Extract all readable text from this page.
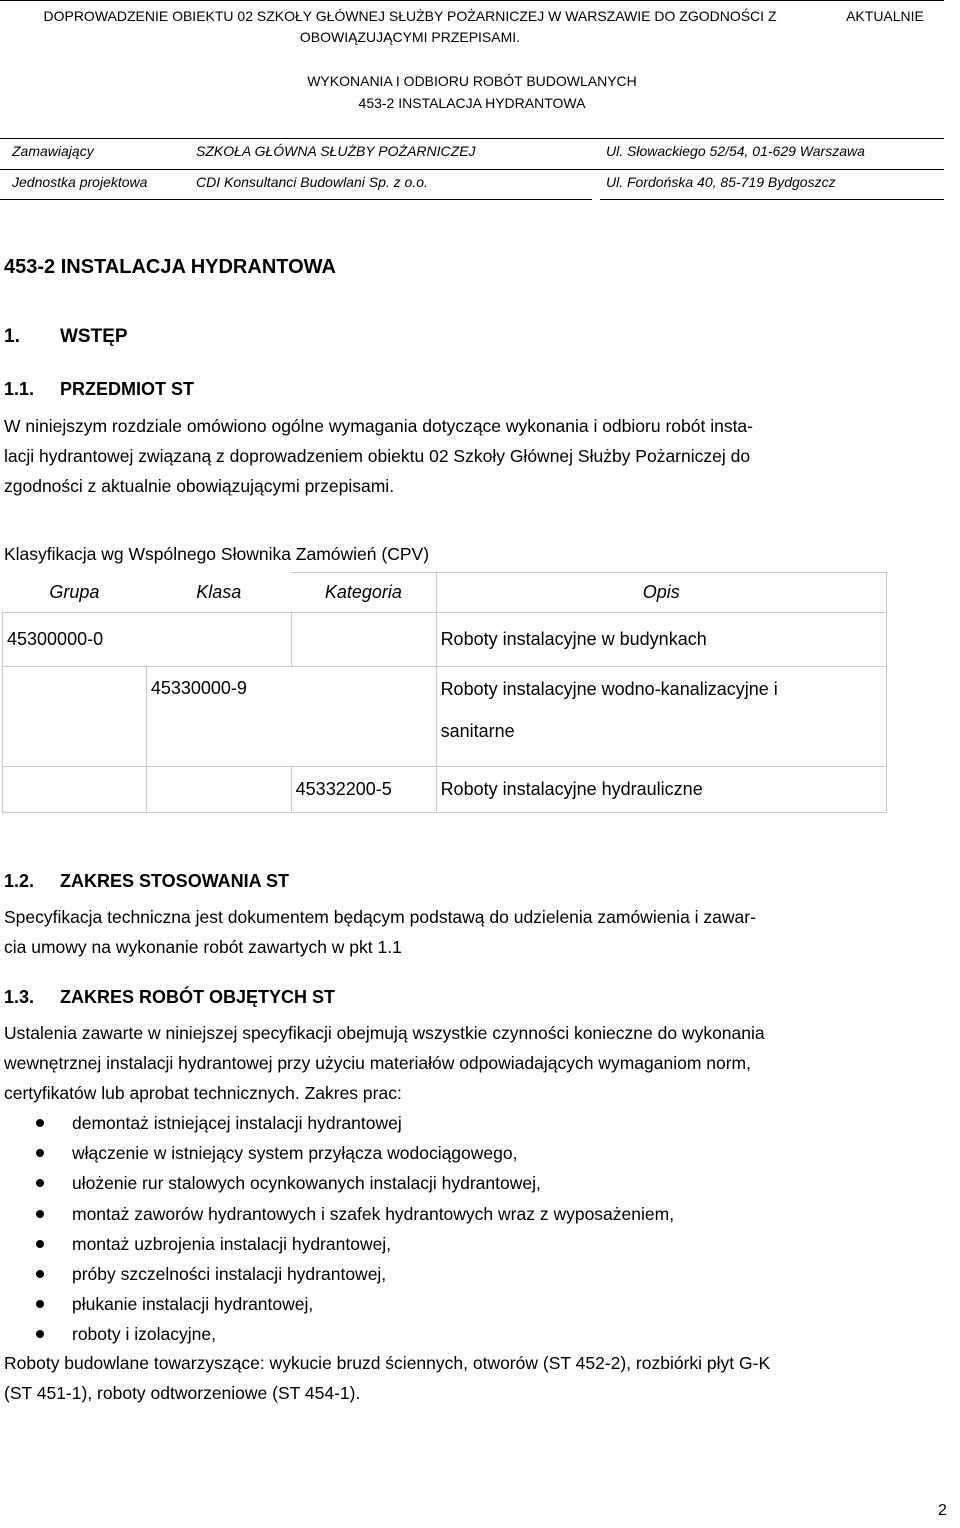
DOPROWADZENIE OBIEKTU 02 SZKOŁY GŁÓWNEJ SŁUŻBY POŻARNICZEJ W WARSZAWIE DO ZGODNOŚCI Z
OBOWIĄZUJĄCYMI PRZEPISAMI.
AKTUALNIE
WYKONANIA I ODBIORU ROBÓT BUDOWLANYCH
453-2 INSTALACJA HYDRANTOWA
Zamawiający	SZKOŁA GŁÓWNA SŁUŻBY POŻARNICZEJ	Ul. Słowackiego 52/54, 01-629 Warszawa
Jednostka projektowa	CDI Konsultanci Budowlani Sp. z o.o.	Ul. Fordońska 40, 85-719 Bydgoszcz
453-2 INSTALACJA HYDRANTOWA
1. WSTĘP
1.1. PRZEDMIOT ST
W niniejszym rozdziale omówiono ogólne wymagania dotyczące wykonania i odbioru robót insta-
lacji hydrantowej związaną z doprowadzeniem obiektu 02 Szkoły Głównej Służby Pożarniczej do
zgodności z aktualnie obowiązującymi przepisami.
Klasyfikacja wg Wspólnego Słownika Zamówień (CPV)
Grupa	Klasa	Kategoria	Opis
45300000-0			Roboty instalacyjne w budynkach
	45330000-9		Roboty instalacyjne wodno-kanalizacyjne i
sanitarne

		45332200-5	Roboty instalacyjne hydrauliczne
1.2. ZAKRES STOSOWANIA ST
Specyfikacja techniczna jest dokumentem będącym podstawą do udzielenia zamówienia i zawar-
cia umowy na wykonanie robót zawartych w pkt 1.1
1.3. ZAKRES ROBÓT OBJĘTYCH ST
Ustalenia zawarte w niniejszej specyfikacji obejmują wszystkie czynności konieczne do wykonania
wewnętrznej instalacji hydrantowej przy użyciu materiałów odpowiadających wymaganiom norm,
certyfikatów lub aprobat technicznych. Zakres prac:
demontaż istniejącej instalacji hydrantowej
włączenie w istniejący system przyłącza wodociągowego,
ułożenie rur stalowych ocynkowanych instalacji hydrantowej,
montaż zaworów hydrantowych i szafek hydrantowych wraz z wyposażeniem,
montaż uzbrojenia instalacji hydrantowej,
próby szczelności instalacji hydrantowej,
płukanie instalacji hydrantowej,
roboty i izolacyjne,
Roboty budowlane towarzyszące: wykucie bruzd ściennych, otworów (ST 452-2), rozbiórki płyt G-K
(ST 451-1), roboty odtworzeniowe (ST 454-1).
2
